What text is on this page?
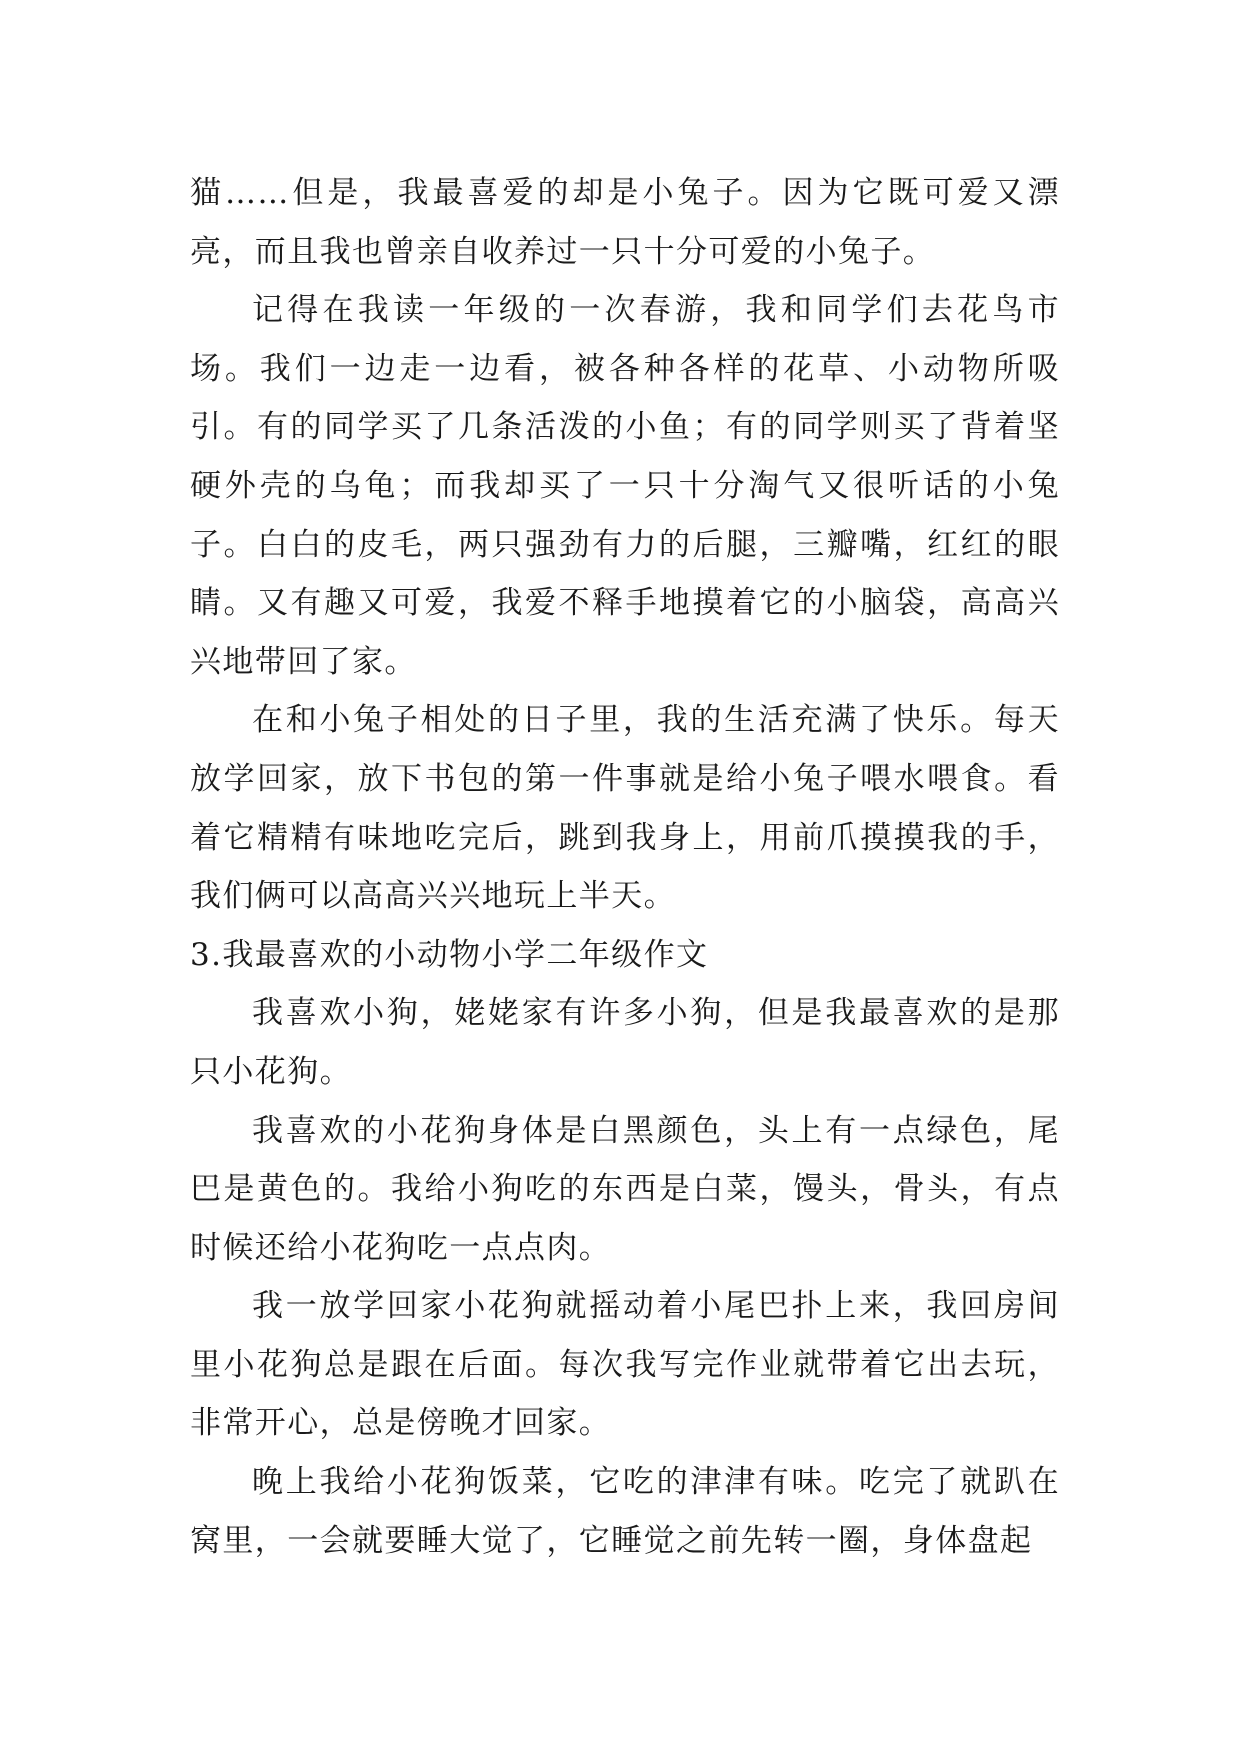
猫……但是，我最喜爱的却是小兔子。因为它既可爱又漂亮，而且我也曾亲自收养过一只十分可爱的小兔子。

记得在我读一年级的一次春游，我和同学们去花鸟市场。我们一边走一边看，被各种各样的花草、小动物所吸引。有的同学买了几条活泼的小鱼；有的同学则买了背着坚硬外壳的乌龟；而我却买了一只十分淘气又很听话的小兔子。白白的皮毛，两只强劲有力的后腿，三瓣嘴，红红的眼睛。又有趣又可爱，我爱不释手地摸着它的小脑袋，高高兴兴地带回了家。

在和小兔子相处的日子里，我的生活充满了快乐。每天放学回家，放下书包的第一件事就是给小兔子喂水喂食。看着它精精有味地吃完后，跳到我身上，用前爪摸摸我的手，我们俩可以高高兴兴地玩上半天。

3.我最喜欢的小动物小学二年级作文

我喜欢小狗，姥姥家有许多小狗，但是我最喜欢的是那只小花狗。

我喜欢的小花狗身体是白黑颜色，头上有一点绿色，尾巴是黄色的。我给小狗吃的东西是白菜，馒头，骨头，有点时候还给小花狗吃一点点肉。

我一放学回家小花狗就摇动着小尾巴扑上来，我回房间里小花狗总是跟在后面。每次我写完作业就带着它出去玩，非常开心，总是傍晚才回家。

晚上我给小花狗饭菜，它吃的津津有味。吃完了就趴在窝里，一会就要睡大觉了，它睡觉之前先转一圈，身体盘起
